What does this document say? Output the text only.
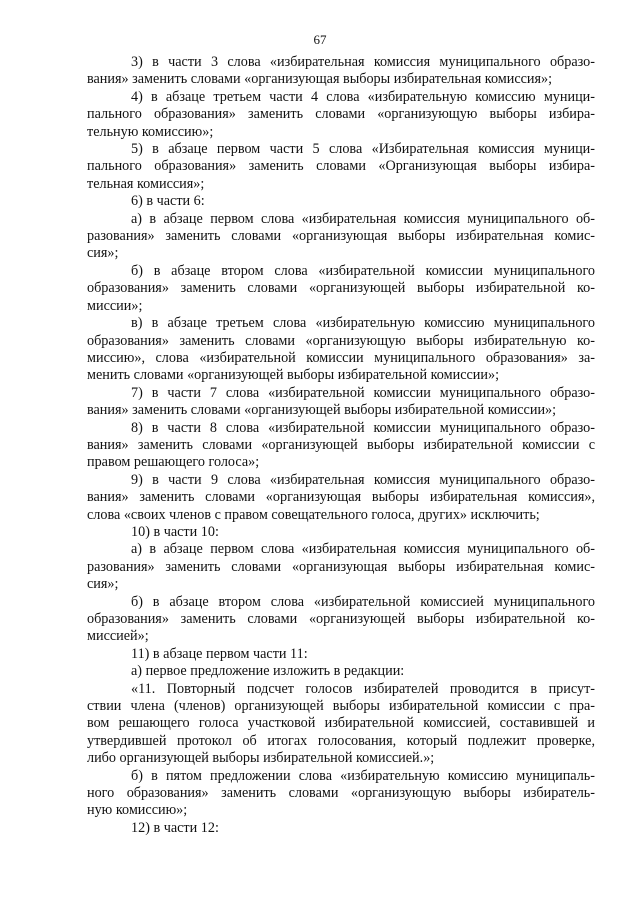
67
3) в части 3 слова «избирательная комиссия муниципального образо-
вания» заменить словами «организующая выборы избирательная комиссия»;
4) в абзаце третьем части 4 слова «избирательную комиссию муници-
пального образования» заменить словами «организующую выборы избира-
тельную комиссию»;
5) в абзаце первом части 5 слова «Избирательная комиссия муници-
пального образования» заменить словами «Организующая выборы избира-
тельная комиссия»;
6) в части 6:
а) в абзаце первом слова «избирательная комиссия муниципального об-
разования» заменить словами «организующая выборы избирательная комис-
сия»;
б) в абзаце втором слова «избирательной комиссии муниципального
образования» заменить словами «организующей выборы избирательной ко-
миссии»;
в) в абзаце третьем слова «избирательную комиссию муниципального
образования» заменить словами «организующую выборы избирательную ко-
миссию», слова «избирательной комиссии муниципального образования» за-
менить словами «организующей выборы избирательной комиссии»;
7) в части 7 слова «избирательной комиссии муниципального образо-
вания» заменить словами «организующей выборы избирательной комиссии»;
8) в части 8 слова «избирательной комиссии муниципального образо-
вания» заменить словами «организующей выборы избирательной комиссии с
правом решающего голоса»;
9) в части 9 слова «избирательная комиссия муниципального образо-
вания» заменить словами «организующая выборы избирательная комиссия»,
слова «своих членов с правом совещательного голоса, других» исключить;
10) в части 10:
а) в абзаце первом слова «избирательная комиссия муниципального об-
разования» заменить словами «организующая выборы избирательная комис-
сия»;
б) в абзаце втором слова «избирательной комиссией муниципального
образования» заменить словами «организующей выборы избирательной ко-
миссией»;
11) в абзаце первом части 11:
а) первое предложение изложить в редакции:
«11. Повторный подсчет голосов избирателей проводится в присут-
ствии члена (членов) организующей выборы избирательной комиссии с пра-
вом решающего голоса участковой избирательной комиссией, составившей и
утвердившей протокол об итогах голосования, который подлежит проверке,
либо организующей выборы избирательной комиссией.»;
б) в пятом предложении слова «избирательную комиссию муниципаль-
ного образования» заменить словами «организующую выборы избиратель-
ную комиссию»;
12) в части 12:
